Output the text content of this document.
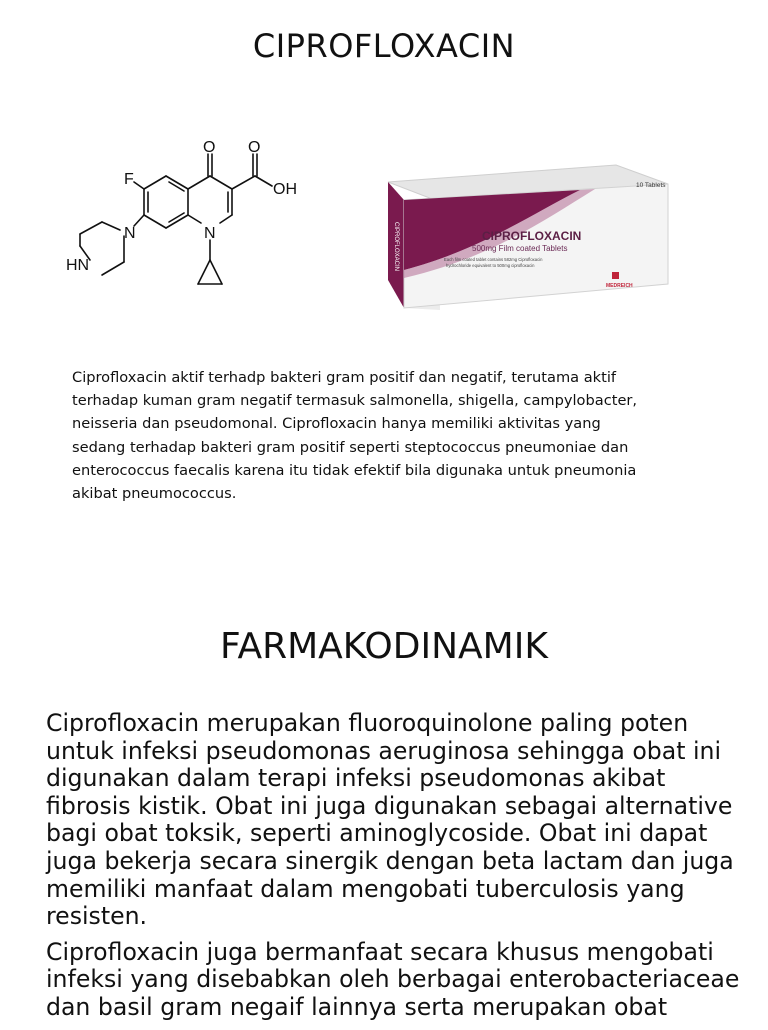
CIPROFLOXACIN
O O
OH
F
N
N
HN
10 Tablets
CIPROFLOXACIN
500mg Film coated Tablets
Each film coated tablet contains 582mg Ciprofloxacin
hydrochloride equivalent to 500mg ciprofloxacin
CIPROFLOXACIN
MEDREICH
Ciprofloxacin aktif terhadp bakteri gram positif dan negatif, terutama aktif
terhadap kuman gram negatif termasuk salmonella, shigella, campylobacter,
neisseria dan pseudomonal. Ciprofloxacin hanya memiliki aktivitas yang
sedang terhadap bakteri gram positif seperti steptococcus pneumoniae dan
enterococcus faecalis karena itu tidak efektif bila digunaka untuk pneumonia
akibat pneumococcus.
FARMAKODINAMIK

Ciprofloxacin merupakan fluoroquinolone paling poten
untuk infeksi pseudomonas aeruginosa sehingga obat ini
digunakan dalam terapi infeksi pseudomonas akibat
fibrosis kistik. Obat ini juga digunakan sebagai alternative
bagi obat toksik, seperti aminoglycoside. Obat ini dapat
juga bekerja secara sinergik dengan beta lactam dan juga
memiliki manfaat dalam mengobati tuberculosis yang
resisten.

Ciprofloxacin juga bermanfaat secara khusus mengobati
infeksi yang disebabkan oleh berbagai enterobacteriaceae
dan basil gram negaif lainnya serta merupakan obat
